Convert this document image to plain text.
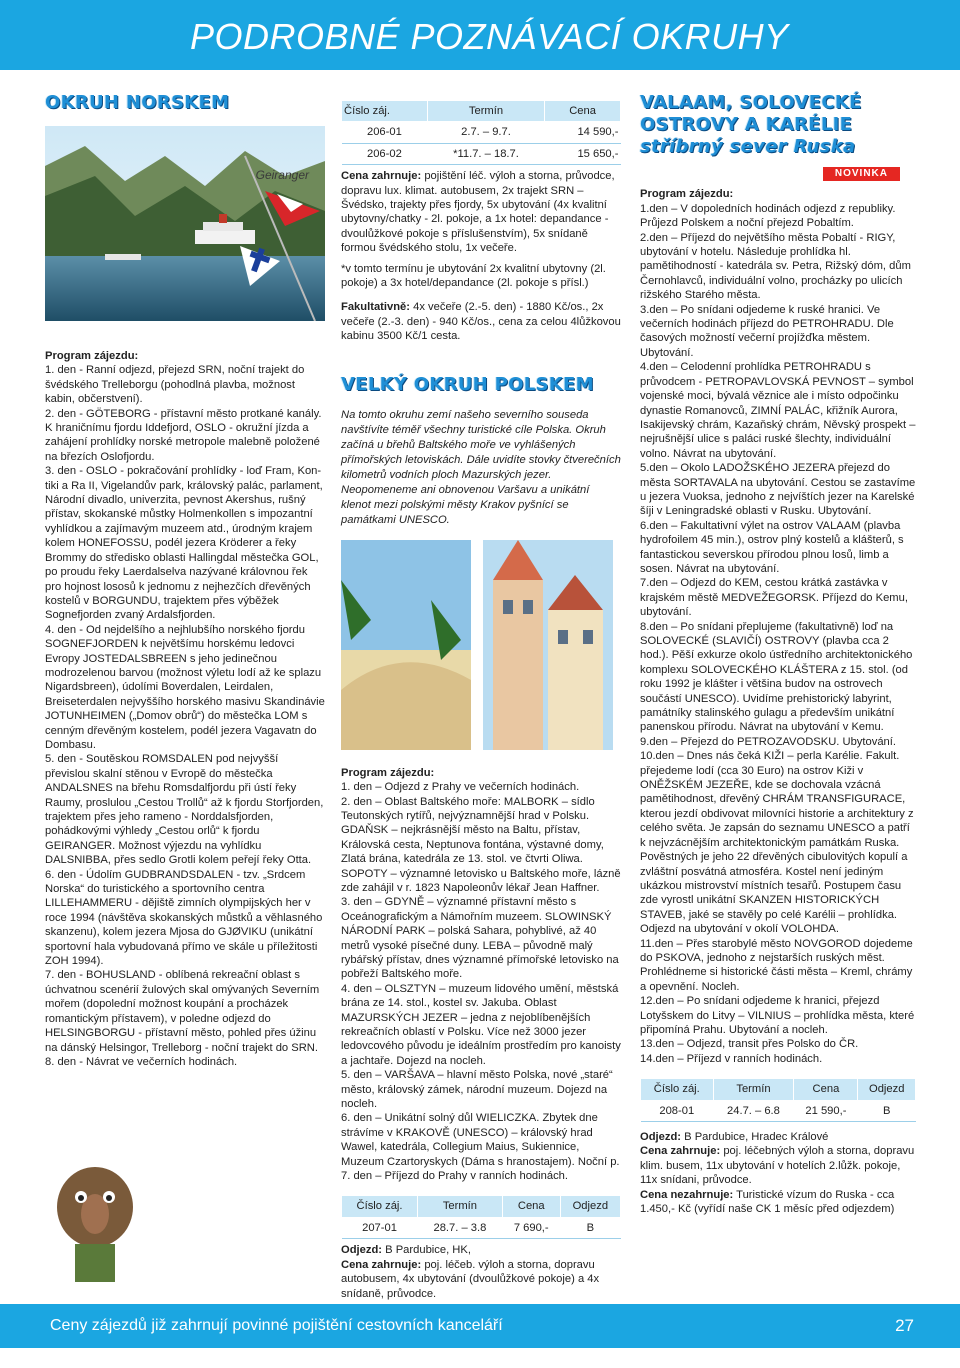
PODROBNÉ POZNÁVACÍ OKRUHY
OKRUH NORSKEM
Geiranger

Program zájezdu:

1. den - Ranní odjezd, přejezd SRN, noční trajekt do švédského Trelleborgu (pohodlná plavba, možnost kabin, občerstvení).

2. den - GÖTEBORG - přístavní město protkané kanály. K hraničnímu fjordu Iddefjord, OSLO - okružní jízda a zahájení prohlídky norské metropole malebně položené na březích Oslofjordu.

3. den - OSLO - pokračování prohlídky - loď Fram, Kon-tiki a Ra II, Vigelandův park, královský palác, parlament, Národní divadlo, univerzita, pevnost Akershus, rušný přístav, skokanské můstky Holmenkollen s impozantní vyhlídkou a zajímavým muzeem atd., úrodným krajem kolem HONEFOSSU, podél jezera Kröderer a řeky Brommy do středisko oblasti Hallingdal městečka GOL, po proudu řeky Laerdalselva nazývané královnou řek pro hojnost lososů k jednomu z nejhezčích dřevěných kostelů v BORGUNDU, trajektem přes výběžek Sognefjorden zvaný Ardalsfjorden.

4. den - Od nejdelšího a nejhlubšího norského fjordu SOGNEFJORDEN k největšímu horskému ledovci Evropy JOSTEDALSBREEN s jeho jedinečnou modrozelenou barvou (možnost výletu lodí až ke splazu Nigardsbreen), údolími Boverdalen, Leirdalen, Breiseterdalen nejvyššího horského masivu Skandinávie JOTUNHEIMEN („Domov obrů“) do městečka LOM s cenným dřevěným kostelem, podél jezera Vagavatn do Dombasu.

5. den - Soutěskou ROMSDALEN pod nejvyšší převislou skalní stěnou v Evropě do městečka ANDALSNES na břehu Romsdalfjordu při ústí řeky Raumy, proslulou „Cestou Trollů“ až k fjordu Storfjorden, trajektem přes jeho rameno - Norddalsfjorden, pohádkovými výhledy „Cestou orlů“ k fjordu GEIRANGER. Možnost výjezdu na vyhlídku DALSNIBBA, přes sedlo Grotli kolem peřejí řeky Otta.

6. den - Údolím GUDBRANDSDALEN - tzv. „Srdcem Norska“ do turistického a sportovního centra LILLEHAMMERU - dějiště zimních olympijských her v roce 1994 (návštěva skokanských můstků a věhlasného skanzenu), kolem jezera Mjosa do GJØVIKU (unikátní sportovní hala vybudovaná přímo ve skále u příležitosti ZOH 1994).

7. den - BOHUSLAND - oblíbená rekreační oblast s úchvatnou scenérií žulových skal omývaných Severním mořem (dopolední možnost koupání a procházek romantickým přístavem), v poledne odjezd do HELSINGBORGU - přístavní město, pohled přes úžinu na dánský Helsingor, Trelleborg - noční trajekt do SRN.

8. den - Návrat ve večerních hodinách.

Číslo záj.	Termín	Cena
206-01	2.7. – 9.7.	14 590,-
206-02	*11.7. – 18.7.	15 650,-

Cena zahrnuje: pojištění léč. výloh a storna, průvodce, dopravu lux. klimat. autobusem, 2x trajekt SRN – Švédsko, trajekty přes fjordy, 5x ubytování (4x kvalitní ubytovny/chatky - 2l. pokoje, a 1x hotel: depandance - dvoulůžkové pokoje s příslušenstvím), 5x snídaně formou švédského stolu, 1x večeře.

*v tomto termínu je ubytování 2x kvalitní ubytovny (2l. pokoje) a 3x hotel/depandance (2l. pokoje s přísl.)

Fakultativně: 4x večeře (2.-5. den) - 1880 Kč/os., 2x večeře (2.-3. den) - 940 Kč/os., cena za celou 4lůžkovou kabinu 3500 Kč/1 cesta.

VELKÝ OKRUH POLSKEM

Na tomto okruhu zemí našeho severního souseda navštívíte téměř všechny turistické cíle Polska. Okruh začíná u břehů Baltského moře ve vyhlášených přímořských letoviskách. Dále uvidíte stovky čtverečních kilometrů vodních ploch Mazurských jezer. Neopomeneme ani obnovenou Varšavu a unikátní klenot mezi polskými městy Krakov pyšnící se památkami UNESCO.

Program zájezdu:

1. den – Odjezd z Prahy ve večerních hodinách.

2. den – Oblast Baltského moře: MALBORK – sídlo Teutonských rytířů, nejvýznamnější hrad v Polsku. GDAŇSK – nejkrásnější město na Baltu, přístav, Královská cesta, Neptunova fontána, výstavné domy, Zlatá brána, katedrála ze 13. stol. ve čtvrti Oliwa. SOPOTY – významné letovisko u Baltského moře, lázně zde zahájil v r. 1823 Napoleonův lékař Jean Haffner.

3. den – GDYNĚ – významné přístavní město s Oceánografickým a Námořním muzeem. SLOWINSKÝ NÁRODNÍ PARK – polská Sahara, pohyblivé, až 40 metrů vysoké písečné duny. LEBA – původně malý rybářský přístav, dnes významné přímořské letovisko na pobřeží Baltského moře.

4. den – OLSZTYN – muzeum lidového umění, městská brána ze 14. stol., kostel sv. Jakuba. Oblast MAZURSKÝCH JEZER – jedna z nejoblíbenějších rekreačních oblastí v Polsku. Více než 3000 jezer ledovcového původu je ideálním prostředím pro kanoisty a jachtaře. Dojezd na nocleh.

5. den – VARŠAVA – hlavní město Polska, nové „staré“ město, královský zámek, národní muzeum. Dojezd na nocleh.

6. den – Unikátní solný důl WIELICZKA. Zbytek dne strávíme v KRAKOVĚ (UNESCO) – královský hrad Wawel, katedrála, Collegium Maius, Sukiennice, Muzeum Czartoryskych (Dáma s hranostajem). Noční p.

7. den – Příjezd do Prahy v ranních hodinách.

Číslo záj.	Termín	Cena	Odjezd
207-01	28.7. – 3.8	7 690,-	B

Odjezd: B Pardubice, HK,

Cena zahrnuje: poj. léčeb. výloh a storna, dopravu autobusem, 4x ubytování (dvoulůžkové pokoje) a 4x snídaně, průvodce.

VALAAM, SOLOVECKÉ
OSTROVY A KARÉLIE
stříbrný sever Ruska
NOVINKA

Program zájezdu:

1.den – V dopoledních hodinách odjezd z republiky. Průjezd Polskem a noční přejezd Pobaltím.

2.den – Příjezd do největšího města Pobaltí - RIGY, ubytování v hotelu. Následuje prohlídka hl. pamětihodností - katedrála sv. Petra, Rižský dóm, dům Černohlavců, individuální volno, procházky po ulicích rižského Starého města.

3.den – Po snídani odjedeme k ruské hranici. Ve večerních hodinách příjezd do PETROHRADU. Dle časových možností večerní projížďka městem. Ubytování.

4.den – Celodenní prohlídka PETROHRADU s průvodcem - PETROPAVLOVSKÁ PEVNOST – symbol vojenské moci, bývalá věznice ale i místo odpočinku dynastie Romanovců, ZIMNÍ PALÁC, křižník Aurora, Isakijevský chrám, Kazaňský chrám, Něvský prospekt – nejrušnější ulice s paláci ruské šlechty, individuální volno. Návrat na ubytování.

5.den – Okolo LADOŽSKÉHO JEZERA přejezd do města SORTAVALA na ubytování. Cestou se zastavíme u jezera Vuoksa, jednoho z nejvíštích jezer na Karelské šíji v Leningradské oblasti v Rusku. Ubytování.

6.den – Fakultativní výlet na ostrov VALAAM (plavba hydrofoilem 45 min.), ostrov plný kostelů a klášterů, s fantastickou severskou přírodou plnou losů, limb a sosen. Návrat na ubytování.

7.den – Odjezd do KEM, cestou krátká zastávka v krajském městě MEDVEŽEGORSK. Příjezd do Kemu, ubytování.

8.den – Po snídani přeplujeme (fakultativně) loď na SOLOVECKÉ (SLAVIČÍ) OSTROVY (plavba cca 2 hod.). Pěší exkurze okolo ústředního architektonického komplexu SOLOVECKÉHO KLÁŠTERA z 15. stol. (od roku 1992 je klášter i většina budov na ostrovech součástí UNESCO). Uvidíme prehistorický labyrint, památníky stalinského gulagu a především unikátní panenskou přírodu. Návrat na ubytování v Kemu.

9.den – Přejezd do PETROZAVODSKU. Ubytování.

10.den – Dnes nás čeká KIŽI – perla Karélie. Fakult. přejedeme lodí (cca 30 Euro) na ostrov Kiži v ONĚŽSKÉM JEZEŘE, kde se dochovala vzácná pamětihodnost, dřevěný CHRÁM TRANSFIGURACE, kterou jezdí obdivovat milovníci historie a architektury z celého světa. Je zapsán do seznamu UNESCO a patří k nejvzácnějším architektonickým památkám Ruska. Pověstných je jeho 22 dřevěných cibulovitých kopulí a zvláštní posvátná atmosféra. Kostel není jediným ukázkou mistrovství místních tesařů. Postupem času zde vyrostl unikátní SKANZEN HISTORICKÝCH STAVEB, jaké se stavěly po celé Karélii – prohlídka. Odjezd na ubytování v okolí VOLOHDA.

11.den – Přes starobylé město NOVGOROD dojedeme do PSKOVA, jednoho z nejstarších ruských měst. Prohlédneme si historické části města – Kreml, chrámy a opevnění. Nocleh.

12.den – Po snídani odjedeme k hranici, přejezd Lotyšskem do Litvy – VILNIUS – prohlídka města, které připomíná Prahu. Ubytování a nocleh.

13.den – Odjezd, transit přes Polsko do ČR.

14.den – Příjezd v ranních hodinách.

Číslo záj.	Termín	Cena	Odjezd
208-01	24.7. – 6.8	21 590,-	B

Odjezd: B Pardubice, Hradec Králové

Cena zahrnuje: poj. léčebných výloh a storna, dopravu klim. busem, 11x ubytování v hotelích 2.lůžk. pokoje, 11x snídani, průvodce.

Cena nezahrnuje: Turistické vízum do Ruska - cca 1.450,- Kč (vyřídí naše CK 1 měsíc před odjezdem)

Ceny zájezdů již zahrnují povinné pojištění cestovních kanceláří	27
